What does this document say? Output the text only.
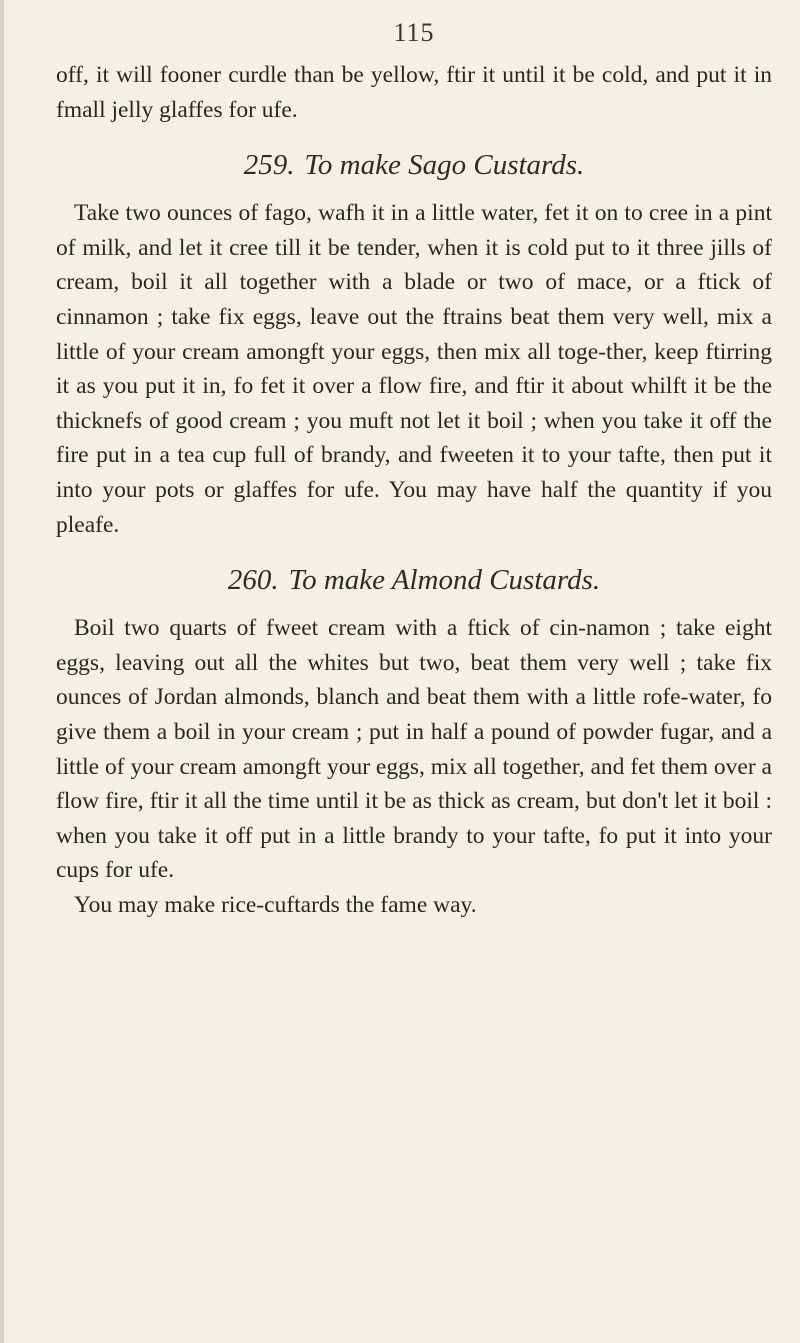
115

off, it will fooner curdle than be yellow, ftir it until it be cold, and put it in fmall jelly glaffes for ufe.

259. To make Sago Custards.

Take two ounces of fago, wafh it in a little water, fet it on to cree in a pint of milk, and let it cree till it be tender, when it is cold put to it three jills of cream, boil it all together with a blade or two of mace, or a ftick of cinnamon ; take fix eggs, leave out the ftrains beat them very well, mix a little of your cream amongft your eggs, then mix all toge-ther, keep ftirring it as you put it in, fo fet it over a flow fire, and ftir it about whilft it be the thicknefs of good cream ; you muft not let it boil ; when you take it off the fire put in a tea cup full of brandy, and fweeten it to your tafte, then put it into your pots or glaffes for ufe. You may have half the quantity if you pleafe.

260. To make Almond Custards.

Boil two quarts of fweet cream with a ftick of cin-namon ; take eight eggs, leaving out all the whites but two, beat them very well ; take fix ounces of Jordan almonds, blanch and beat them with a little rofe-water, fo give them a boil in your cream ; put in half a pound of powder fugar, and a little of your cream amongft your eggs, mix all together, and fet them over a flow fire, ftir it all the time until it be as thick as cream, but don't let it boil : when you take it off put in a little brandy to your tafte, fo put it into your cups for ufe.

You may make rice-cuftards the fame way.
